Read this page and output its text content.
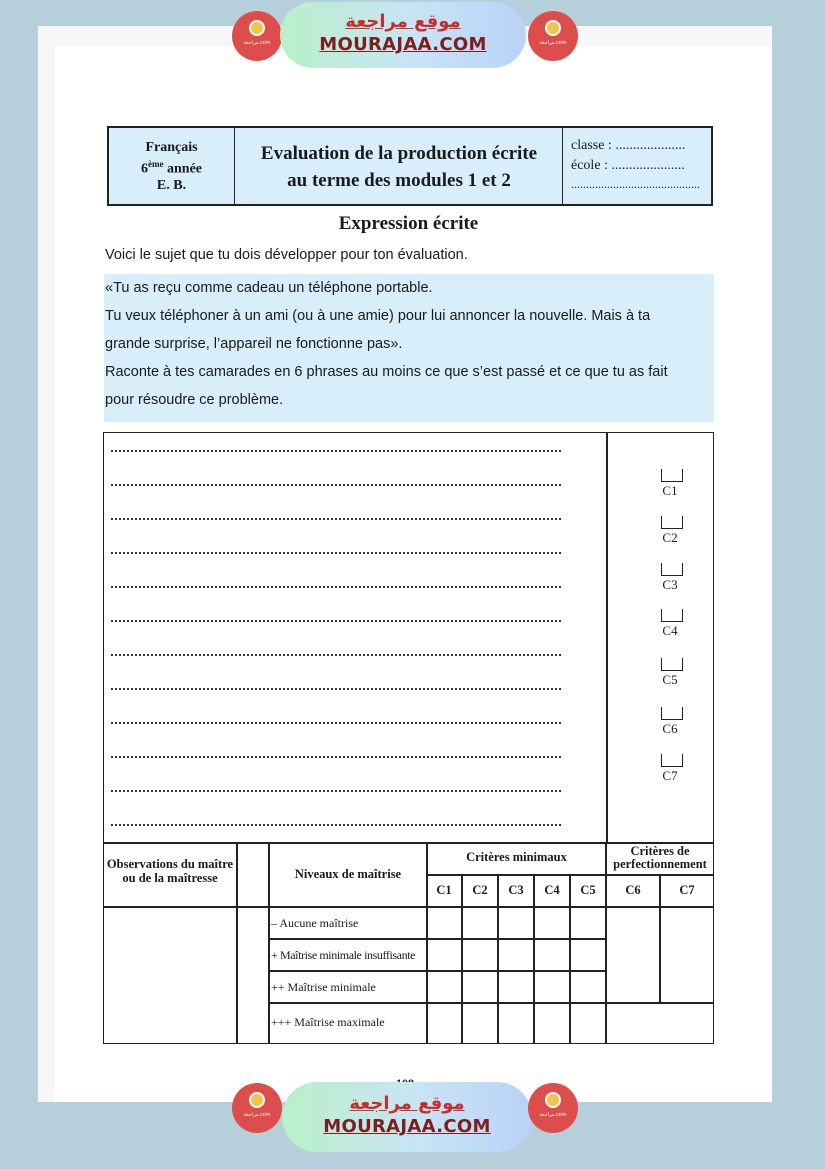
مراجعة.com
موقع مراجعة
MOURAJAA.COM	مراجعة.com
Français
6ème année
E. B.
Evaluation de la production écrite
au terme des modules 1 et 2
classe : ....................
école : .....................
...........................................
Expression écrite
Voici le sujet que tu dois développer pour ton évaluation.
«Tu as reçu comme cadeau un téléphone portable.
Tu veux téléphoner à un ami (ou à une amie) pour lui annoncer la nouvelle. Mais à ta
grande surprise, l’appareil ne fonctionne pas».
Raconte à tes camarades en 6 phrases au moins ce que s’est passé et ce que tu as fait
pour résoudre ce problème.
C1
C2
C3
C4
C5
C6
C7
Observations du maître ou de la maîtresse	Niveaux de maîtrise
Critères minimaux	Critères de perfectionnement
C1	C2	C3	C4	C5	C6	C7
– Aucune maîtrise
+ Maîtrise minimale insuffisante
++ Maîtrise minimale
+++ Maîtrise maximale
مراجعة.com
موقع مراجعة
MOURAJAA.COM
مراجعة.com
